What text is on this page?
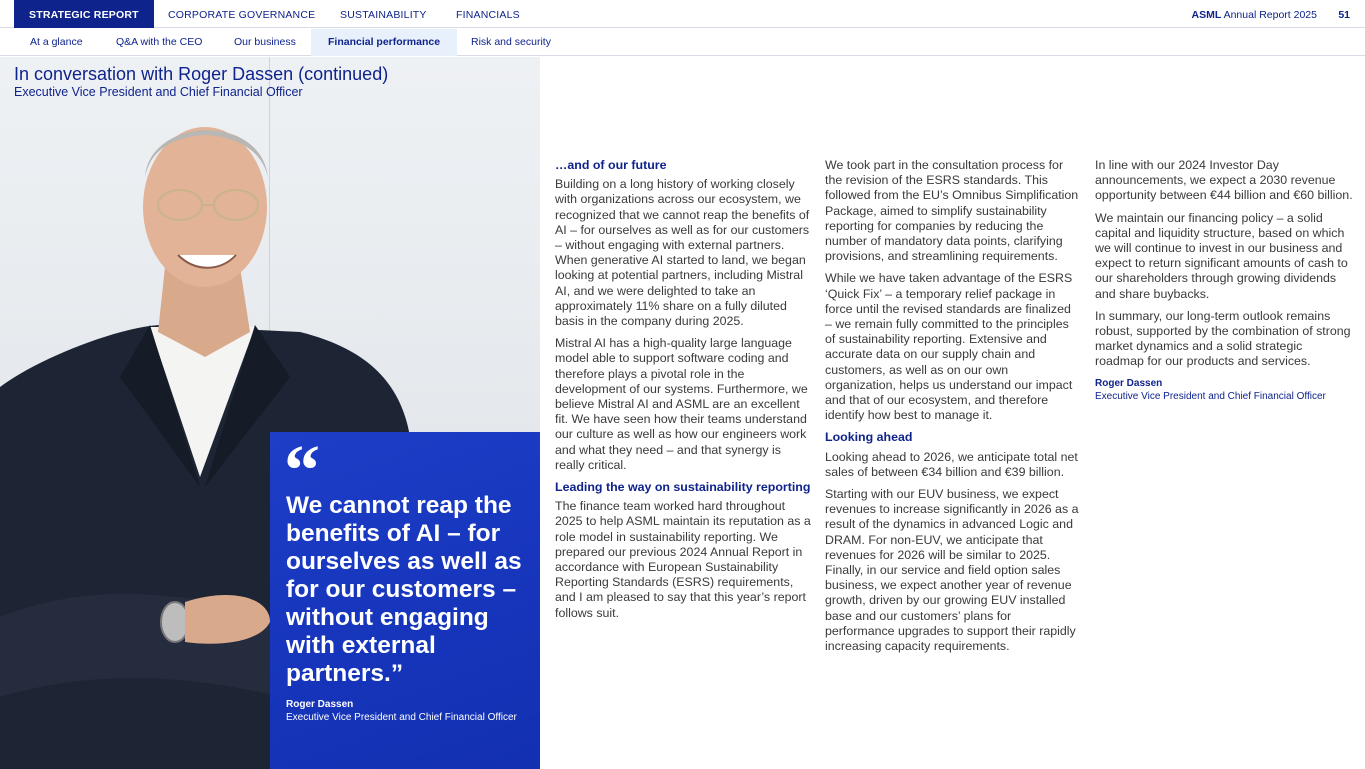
STRATEGIC REPORT	CORPORATE GOVERNANCE SUSTAINABILITY	FINANCIALS	ASML Annual Report 2025 51
At a glance	Q&A with the CEO	Our business	Financial performance	Risk and security
In conversation with Roger Dassen (continued)
Executive Vice President and Chief Financial Officer
“
We cannot reap the benefits of AI – for ourselves as well as for our customers – without engaging with external partners.”
Roger Dassen
Executive Vice President and Chief Financial Officer
…and of our future

Building on a long history of working closely with organizations across our ecosystem, we recognized that we cannot reap the benefits of AI – for ourselves as well as for our customers – without engaging with external partners. When generative AI started to land, we began looking at potential partners, including Mistral AI, and we were delighted to take an approximately 11% share on a fully diluted basis in the company during 2025.

Mistral AI has a high-quality large language model able to support software coding and therefore plays a pivotal role in the development of our systems. Furthermore, we believe Mistral AI and ASML are an excellent fit. We have seen how their teams understand our culture as well as how our engineers work and what they need – and that synergy is really critical.

Leading the way on sustainability reporting

The finance team worked hard throughout 2025 to help ASML maintain its reputation as a role model in sustainability reporting. We prepared our previous 2024 Annual Report in accordance with European Sustainability Reporting Standards (ESRS) requirements, and I am pleased to say that this year’s report follows suit.

We took part in the consultation process for the revision of the ESRS standards. This followed from the EU’s Omnibus Simplification Package, aimed to simplify sustainability reporting for companies by reducing the number of mandatory data points, clarifying provisions, and streamlining requirements.

While we have taken advantage of the ESRS ‘Quick Fix’ – a temporary relief package in force until the revised standards are finalized – we remain fully committed to the principles of sustainability reporting. Extensive and accurate data on our supply chain and customers, as well as on our own organization, helps us understand our impact and that of our ecosystem, and therefore identify how best to manage it.

Looking ahead

Looking ahead to 2026, we anticipate total net sales of between €34 billion and €39 billion.

Starting with our EUV business, we expect revenues to increase significantly in 2026 as a result of the dynamics in advanced Logic and DRAM. For non-EUV, we anticipate that revenues for 2026 will be similar to 2025. Finally, in our service and field option sales business, we expect another year of revenue growth, driven by our growing EUV installed base and our customers’ plans for performance upgrades to support their rapidly increasing capacity requirements.

In line with our 2024 Investor Day announcements, we expect a 2030 revenue opportunity between €44 billion and €60 billion.

We maintain our financing policy – a solid capital and liquidity structure, based on which we will continue to invest in our business and expect to return significant amounts of cash to our shareholders through growing dividends and share buybacks.

In summary, our long-term outlook remains robust, supported by the combination of strong market dynamics and a solid strategic roadmap for our products and services.

Roger Dassen
Executive Vice President and Chief Financial Officer
